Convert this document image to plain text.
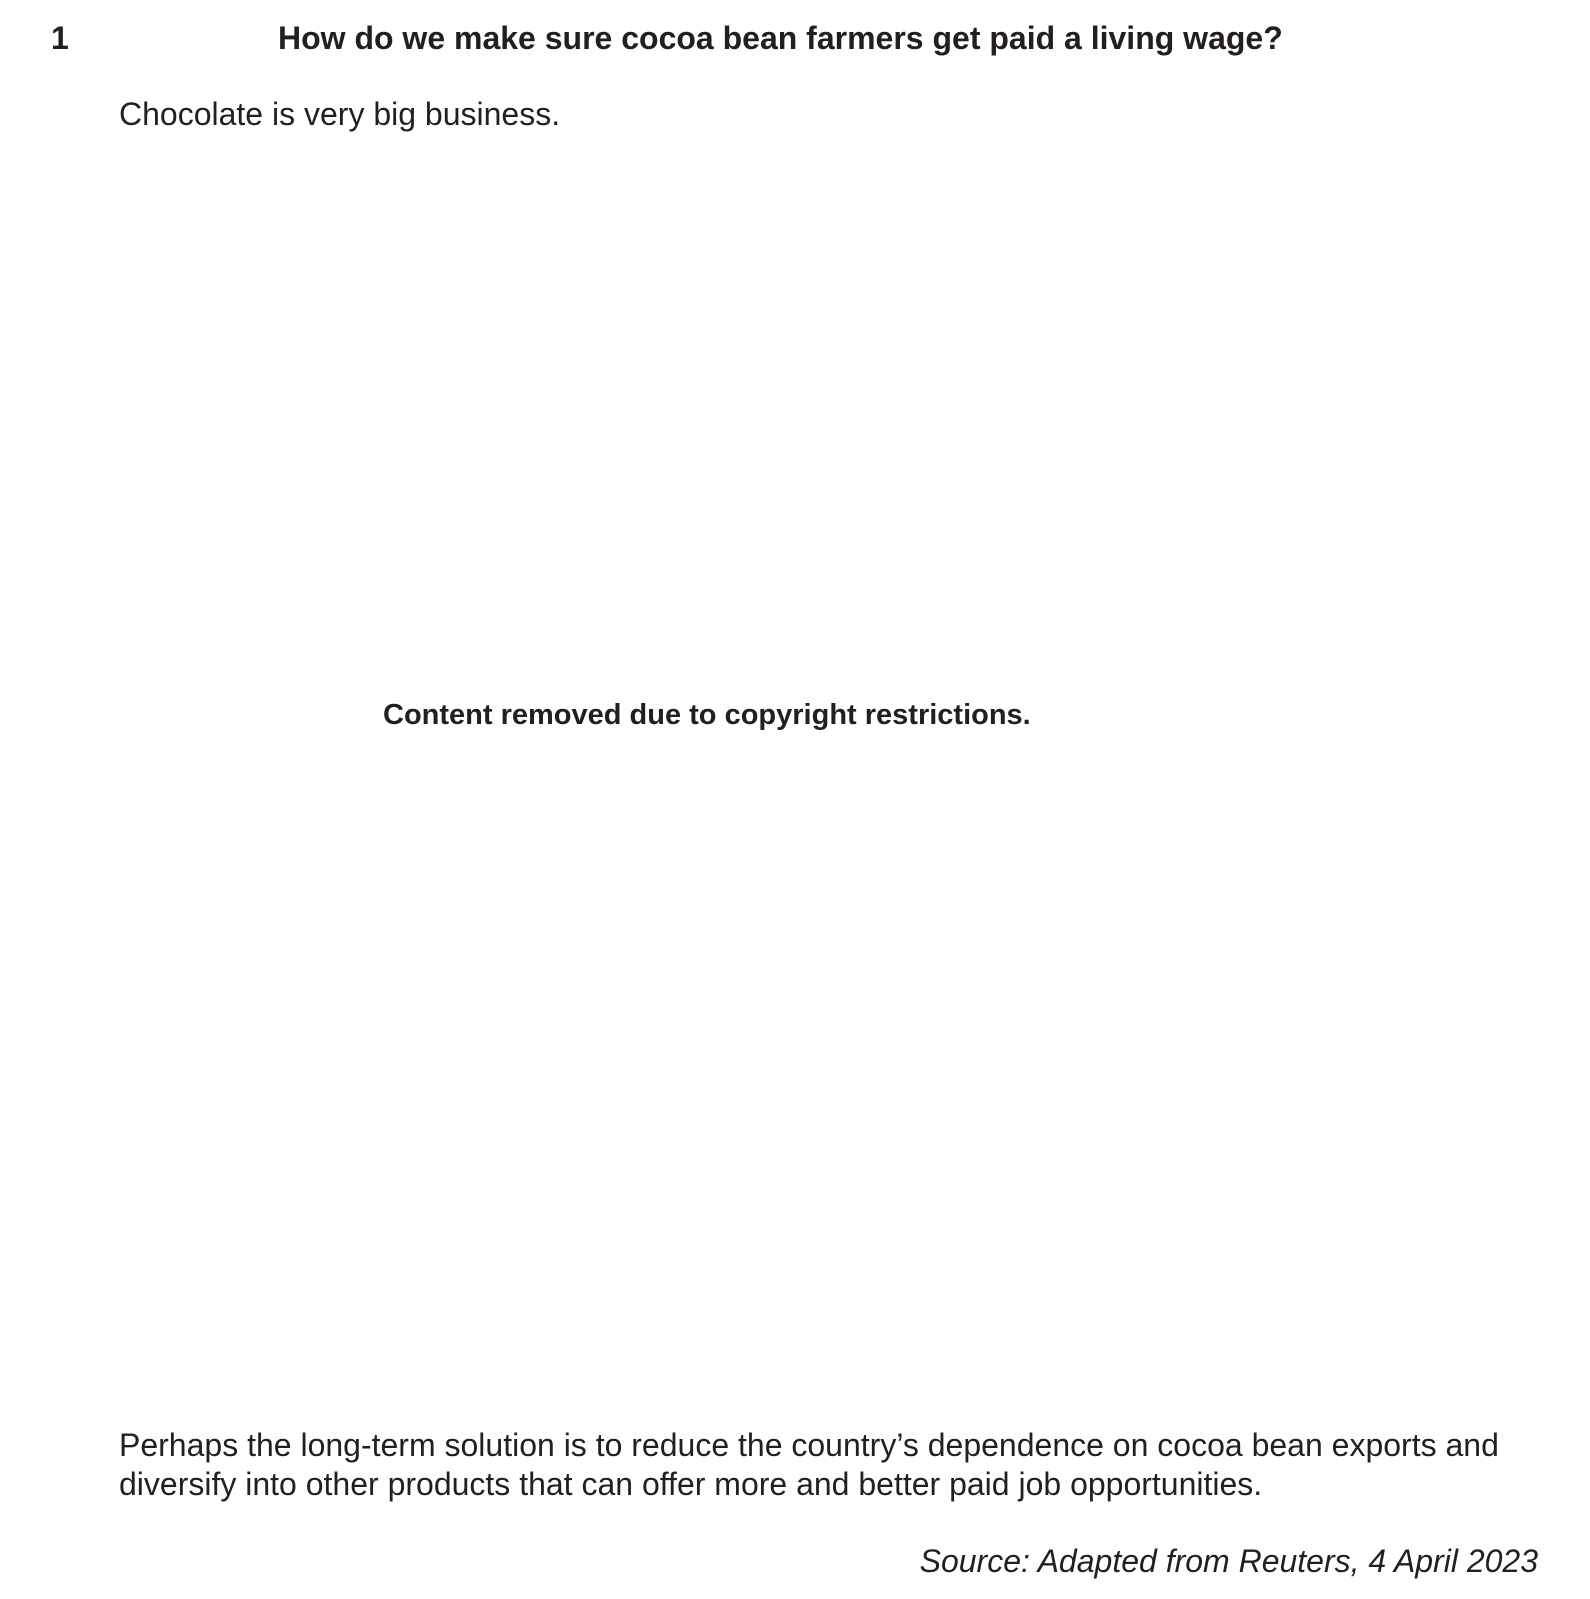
1	How do we make sure cocoa bean farmers get paid a living wage?
Chocolate is very big business.
Content removed due to copyright restrictions.

Perhaps the long-term solution is to reduce the country’s dependence on cocoa bean exports and

diversify into other products that can offer more and better paid job opportunities.

Source: Adapted from Reuters, 4 April 2023
